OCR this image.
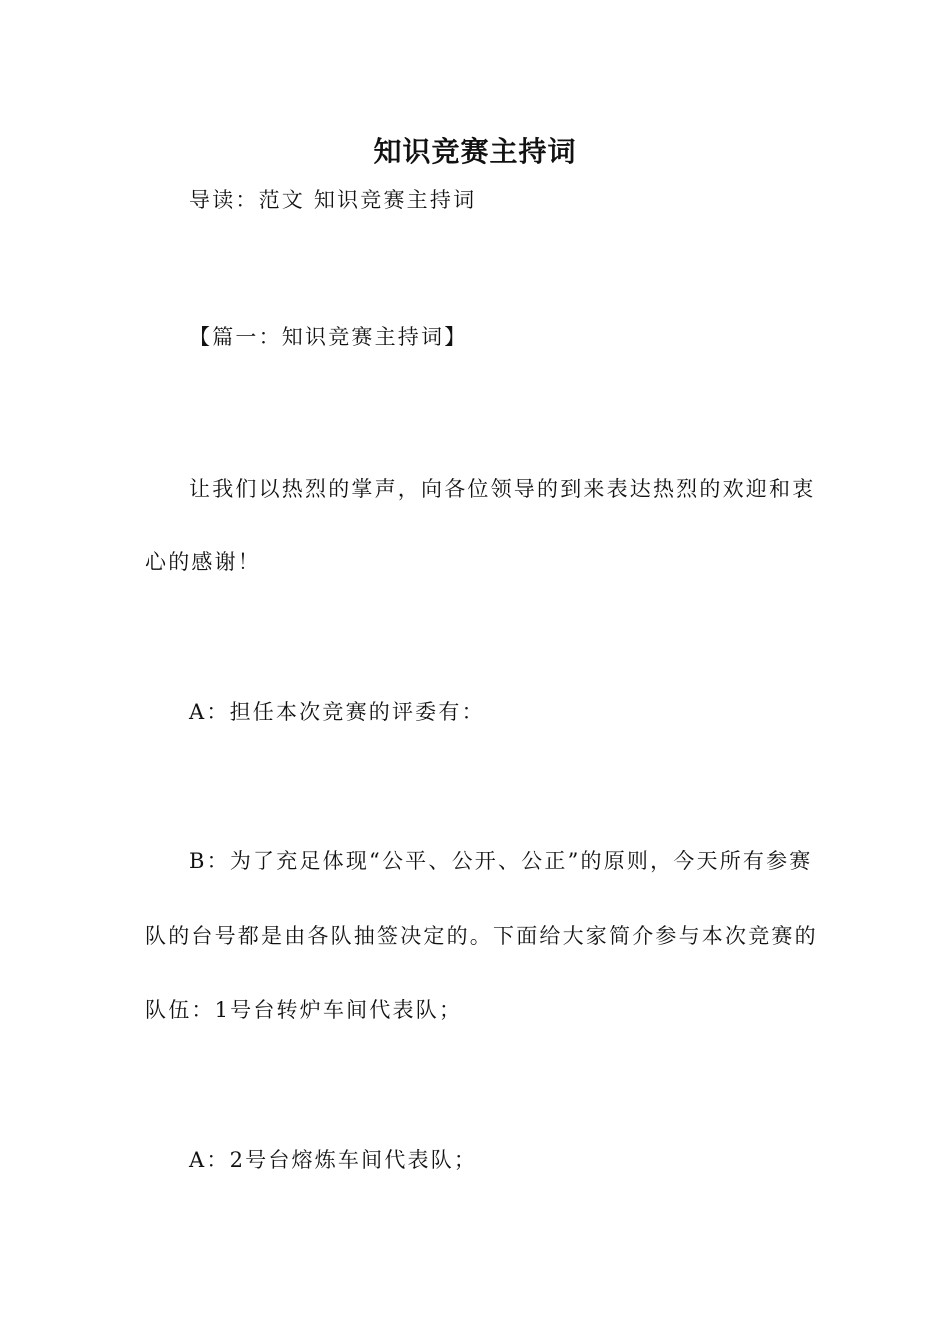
知识竞赛主持词
导读：范文 知识竞赛主持词
【篇一：知识竞赛主持词】
让我们以热烈的掌声，向各位领导的到来表达热烈的欢迎和衷
心的感谢！
A：担任本次竞赛的评委有：
B：为了充足体现“公平、公开、公正”的原则，今天所有参赛
队的台号都是由各队抽签决定的。下面给大家简介参与本次竞赛的
队伍：1号台转炉车间代表队；
A：2号台熔炼车间代表队；
